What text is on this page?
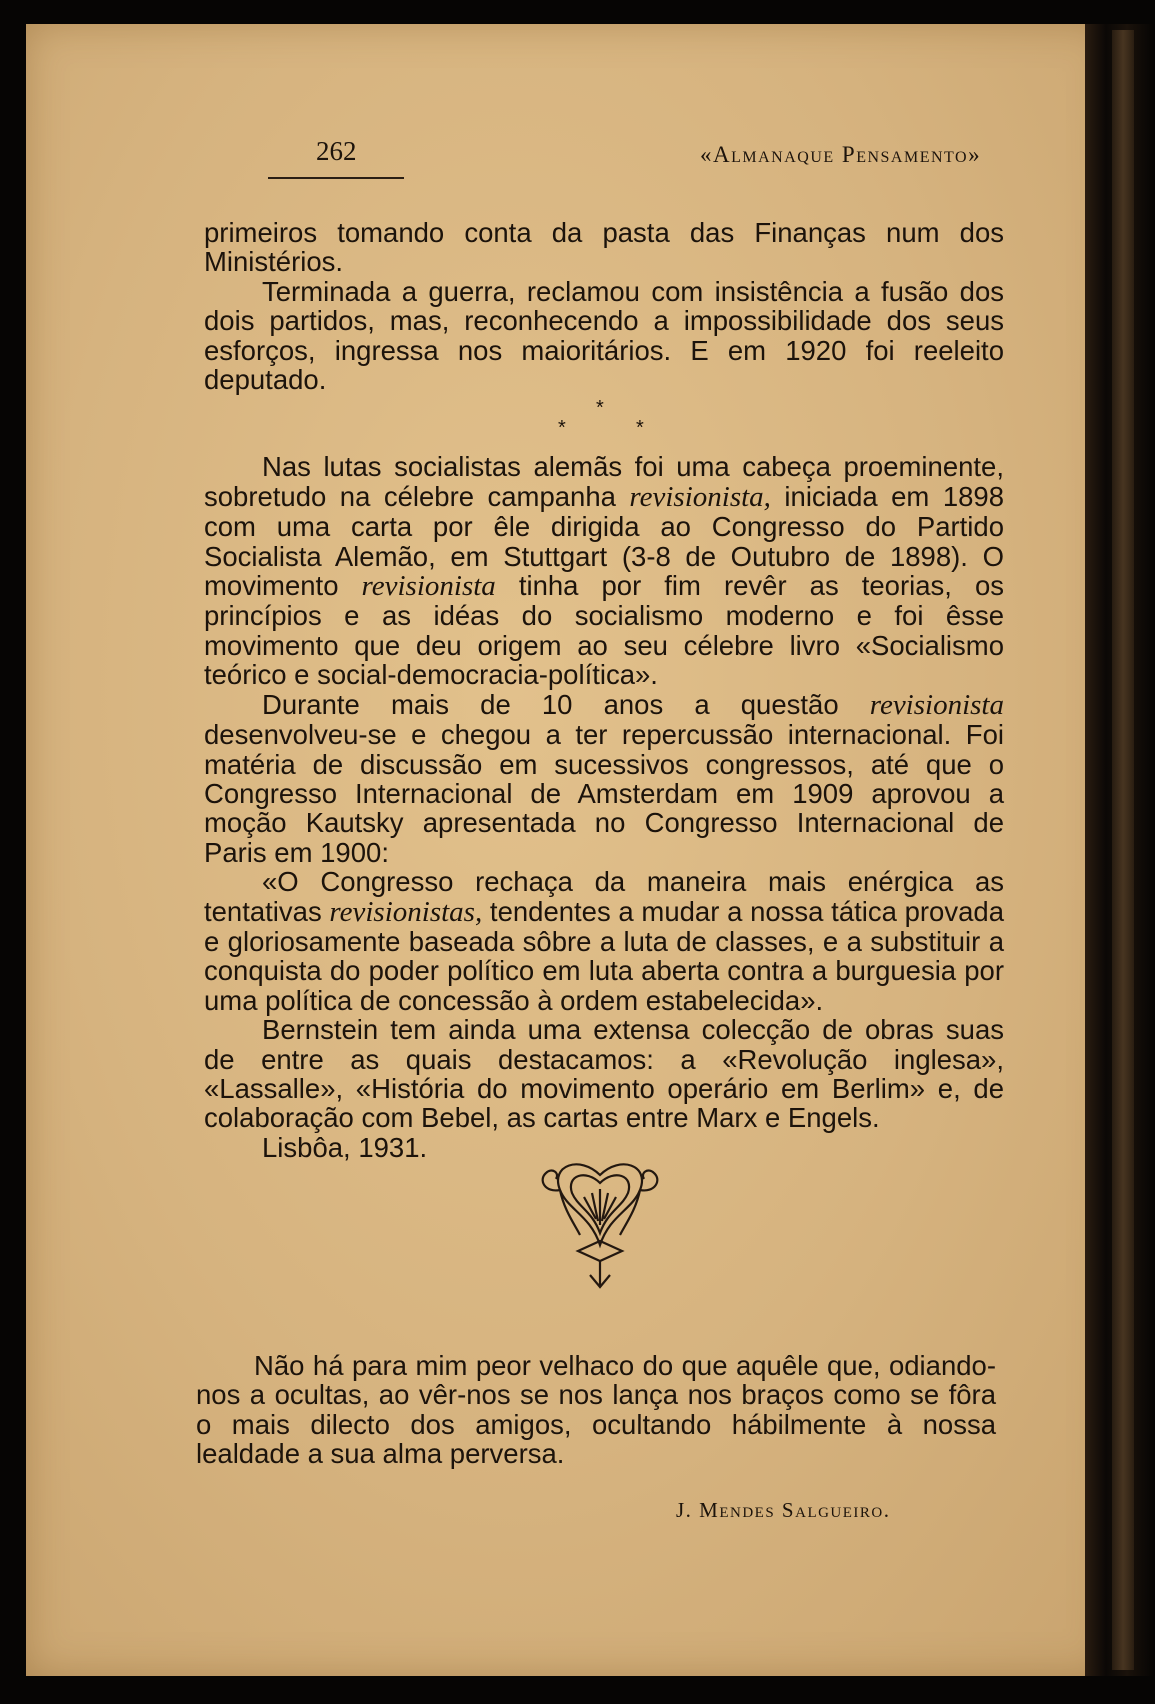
262	«Almanaque Pensamento»

primeiros tomando conta da pasta das Finanças num dos Ministérios.

Terminada a guerra, reclamou com insistência a fusão dos dois partidos, mas, reconhecendo a impossibilidade dos seus esforços, ingressa nos maioritários. E em 1920 foi reeleito deputado.

*
*	*

Nas lutas socialistas alemãs foi uma cabeça proeminente, sobretudo na célebre campanha revisionista, iniciada em 1898 com uma carta por êle dirigida ao Congresso do Partido Socialista Alemão, em Stuttgart (3-8 de Outubro de 1898). O movimento revisionista tinha por fim revêr as teorias, os princípios e as idéas do socialismo moderno e foi êsse movimento que deu origem ao seu célebre livro «Socialismo teórico e social-democracia-política».

Durante mais de 10 anos a questão revisionista desenvolveu-se e chegou a ter repercussão internacional. Foi matéria de discussão em sucessivos congressos, até que o Congresso Internacional de Amsterdam em 1909 aprovou a moção Kautsky apresentada no Congresso Internacional de Paris em 1900:

«O Congresso rechaça da maneira mais enérgica as tentativas revisionistas, tendentes a mudar a nossa tática provada e gloriosamente baseada sôbre a luta de classes, e a substituir a conquista do poder político em luta aberta contra a burguesia por uma política de concessão à ordem estabelecida».

Bernstein tem ainda uma extensa colecção de obras suas de entre as quais destacamos: a «Revolução inglesa», «Lassalle», «História do movimento operário em Berlim» e, de colaboração com Bebel, as cartas entre Marx e Engels.

Lisbôa, 1931.

Não há para mim peor velhaco do que aquêle que, odiando-nos a ocultas, ao vêr-nos se nos lança nos braços como se fôra o mais dilecto dos amigos, ocultando hábilmente à nossa lealdade a sua alma perversa.

J. Mendes Salgueiro.
